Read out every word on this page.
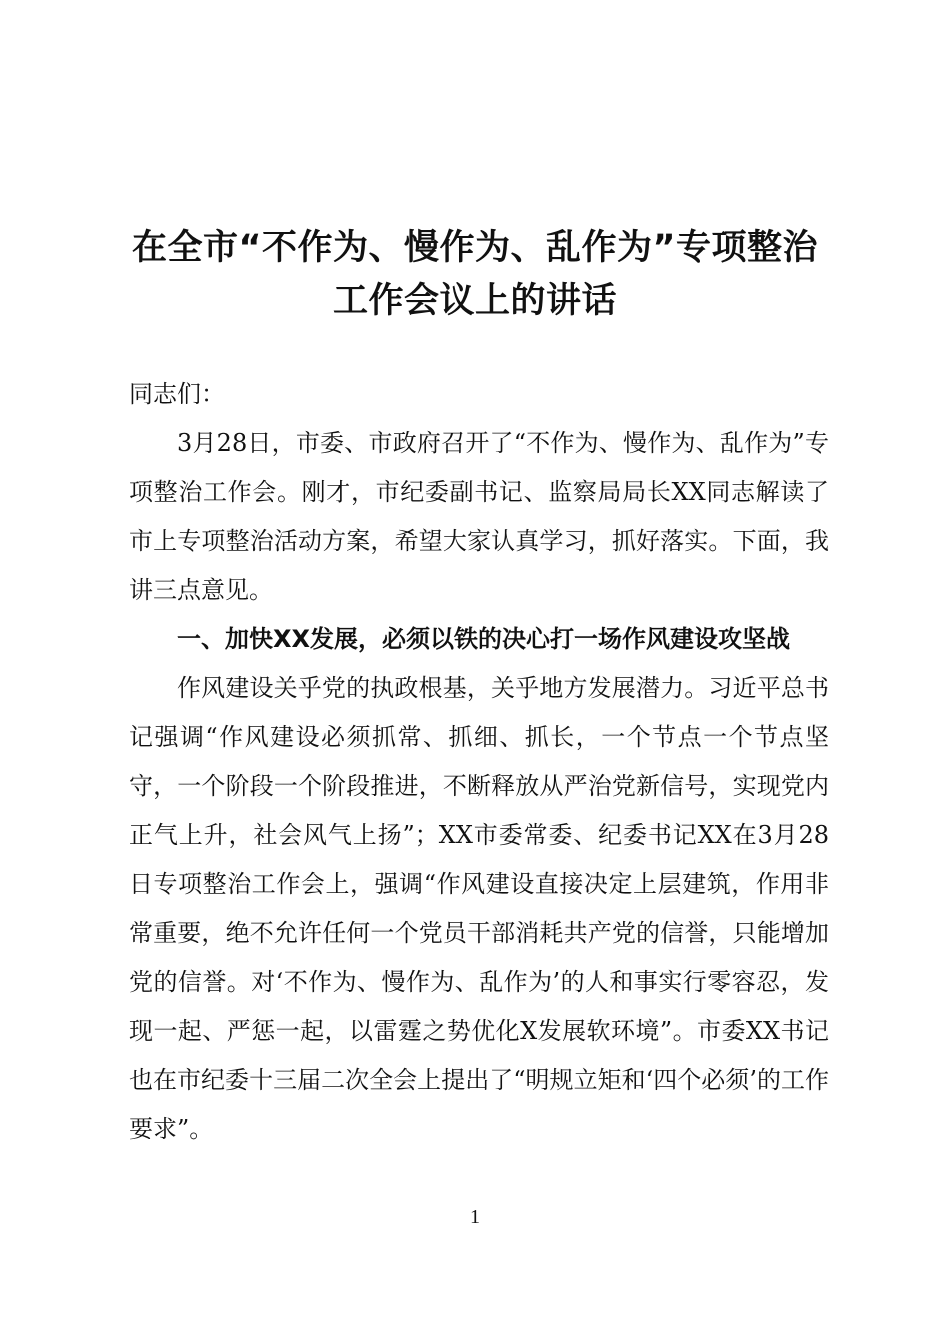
在全市“不作为、慢作为、乱作为”专项整治
工作会议上的讲话

同志们：

3月28日，市委、市政府召开了“不作为、慢作为、乱作为”专项整治工作会。刚才，市纪委副书记、监察局局长XX同志解读了市上专项整治活动方案，希望大家认真学习，抓好落实。下面，我讲三点意见。

一、加快XX发展，必须以铁的决心打一场作风建设攻坚战

作风建设关乎党的执政根基，关乎地方发展潜力。习近平总书记强调“作风建设必须抓常、抓细、抓长，一个节点一个节点坚守，一个阶段一个阶段推进，不断释放从严治党新信号，实现党内正气上升，社会风气上扬”；XX市委常委、纪委书记XX在3月28日专项整治工作会上，强调“作风建设直接决定上层建筑，作用非常重要，绝不允许任何一个党员干部消耗共产党的信誉，只能增加党的信誉。对‘不作为、慢作为、乱作为’的人和事实行零容忍，发现一起、严惩一起，以雷霆之势优化X发展软环境”。市委XX书记也在市纪委十三届二次全会上提出了“明规立矩和‘四个必须’的工作要求”。

1
